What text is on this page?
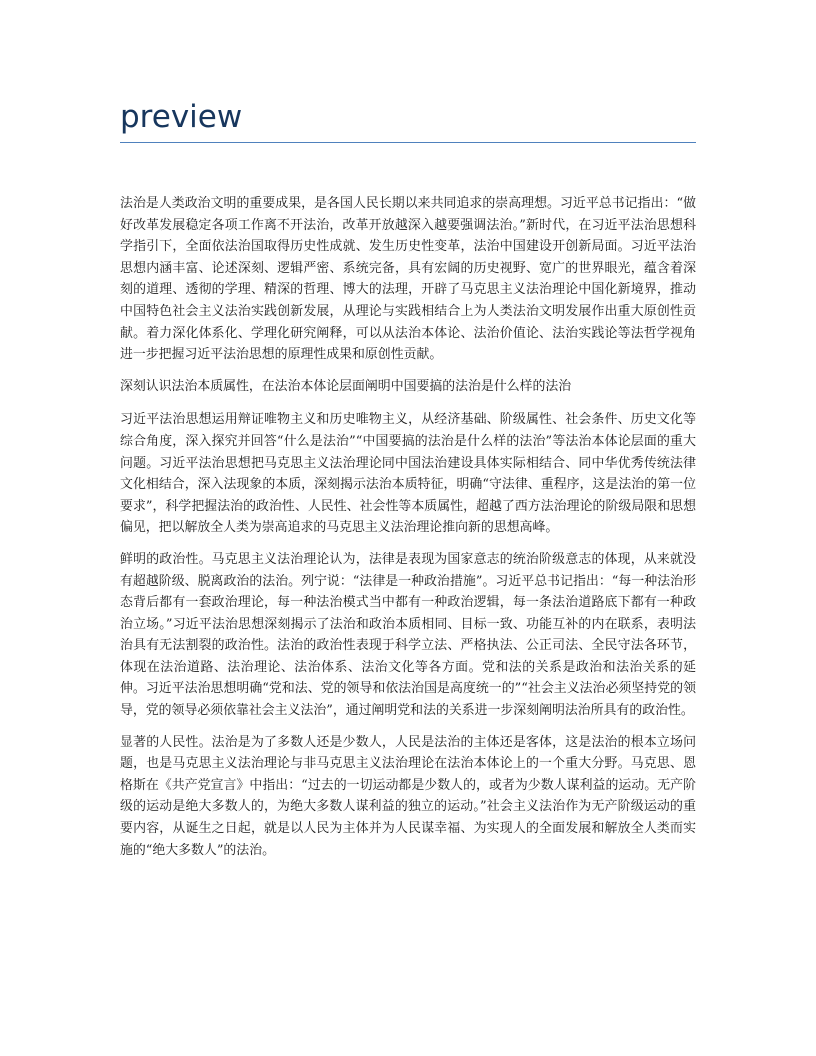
preview

法治是人类政治文明的重要成果，是各国人民长期以来共同追求的崇高理想。习近平总书记指出：“做好改革发展稳定各项工作离不开法治，改革开放越深入越要强调法治。”新时代，在习近平法治思想科学指引下，全面依法治国取得历史性成就、发生历史性变革，法治中国建设开创新局面。习近平法治思想内涵丰富、论述深刻、逻辑严密、系统完备，具有宏阔的历史视野、宽广的世界眼光，蕴含着深刻的道理、透彻的学理、精深的哲理、博大的法理，开辟了马克思主义法治理论中国化新境界，推动中国特色社会主义法治实践创新发展，从理论与实践相结合上为人类法治文明发展作出重大原创性贡献。着力深化体系化、学理化研究阐释，可以从法治本体论、法治价值论、法治实践论等法哲学视角进一步把握习近平法治思想的原理性成果和原创性贡献。

深刻认识法治本质属性，在法治本体论层面阐明中国要搞的法治是什么样的法治

习近平法治思想运用辩证唯物主义和历史唯物主义，从经济基础、阶级属性、社会条件、历史文化等综合角度，深入探究并回答“什么是法治”“中国要搞的法治是什么样的法治”等法治本体论层面的重大问题。习近平法治思想把马克思主义法治理论同中国法治建设具体实际相结合、同中华优秀传统法律文化相结合，深入法现象的本质，深刻揭示法治本质特征，明确“守法律、重程序，这是法治的第一位要求”，科学把握法治的政治性、人民性、社会性等本质属性，超越了西方法治理论的阶级局限和思想偏见，把以解放全人类为崇高追求的马克思主义法治理论推向新的思想高峰。

鲜明的政治性。马克思主义法治理论认为，法律是表现为国家意志的统治阶级意志的体现，从来就没有超越阶级、脱离政治的法治。列宁说：“法律是一种政治措施”。习近平总书记指出：“每一种法治形态背后都有一套政治理论，每一种法治模式当中都有一种政治逻辑，每一条法治道路底下都有一种政治立场。”习近平法治思想深刻揭示了法治和政治本质相同、目标一致、功能互补的内在联系，表明法治具有无法割裂的政治性。法治的政治性表现于科学立法、严格执法、公正司法、全民守法各环节，体现在法治道路、法治理论、法治体系、法治文化等各方面。党和法的关系是政治和法治关系的延伸。习近平法治思想明确“党和法、党的领导和依法治国是高度统一的”“社会主义法治必须坚持党的领导，党的领导必须依靠社会主义法治”，通过阐明党和法的关系进一步深刻阐明法治所具有的政治性。

显著的人民性。法治是为了多数人还是少数人，人民是法治的主体还是客体，这是法治的根本立场问题，也是马克思主义法治理论与非马克思主义法治理论在法治本体论上的一个重大分野。马克思、恩格斯在《共产党宣言》中指出：“过去的一切运动都是少数人的，或者为少数人谋利益的运动。无产阶级的运动是绝大多数人的，为绝大多数人谋利益的独立的运动。”社会主义法治作为无产阶级运动的重要内容，从诞生之日起，就是以人民为主体并为人民谋幸福、为实现人的全面发展和解放全人类而实施的“绝大多数人”的法治。
